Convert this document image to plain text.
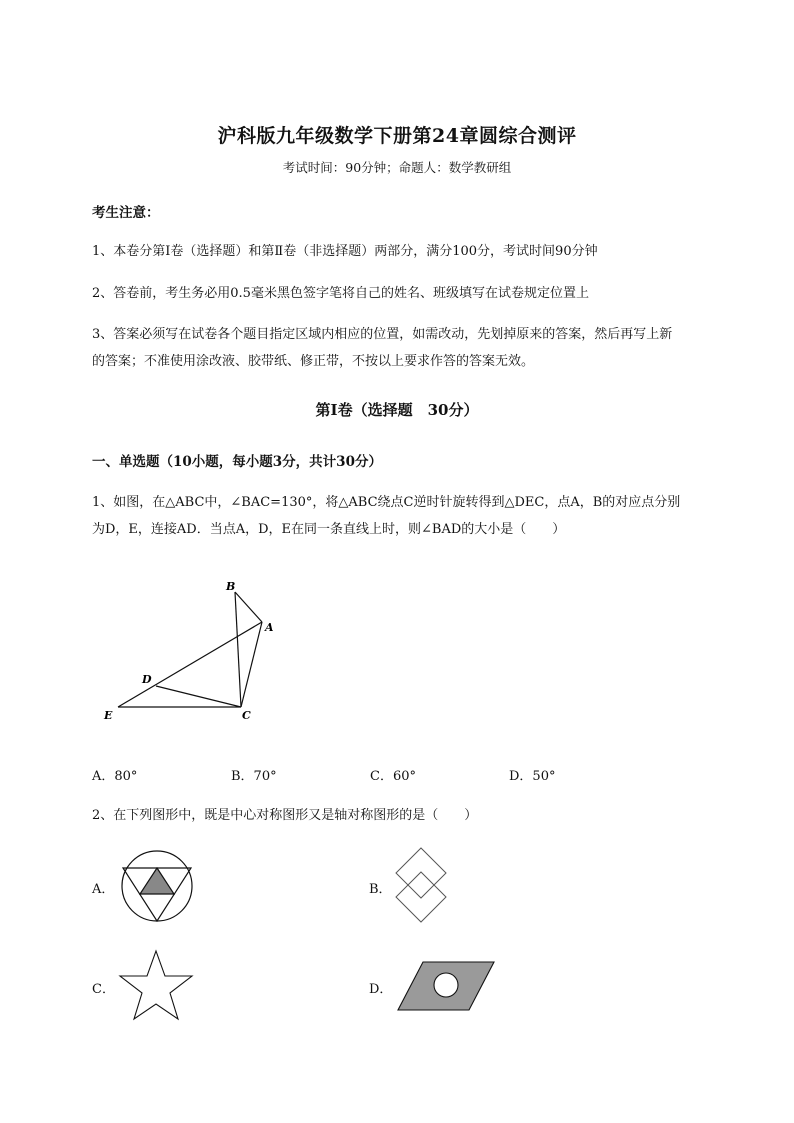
沪科版九年级数学下册第24章圆综合测评
考试时间：90分钟；命题人：数学教研组
考生注意：
1、本卷分第Ⅰ卷（选择题）和第Ⅱ卷（非选择题）两部分，满分100分，考试时间90分钟
2、答卷前，考生务必用0.5毫米黑色签字笔将自己的姓名、班级填写在试卷规定位置上
3、答案必须写在试卷各个题目指定区域内相应的位置，如需改动，先划掉原来的答案，然后再写上新
的答案；不准使用涂改液、胶带纸、修正带，不按以上要求作答的答案无效。
第Ⅰ卷（选择题　30分）
一、单选题（10小题，每小题3分，共计30分）
1、如图，在△ABC中，∠BAC=130°，将△ABC绕点C逆时针旋转得到△DEC，点A，B的对应点分别
为D，E，连接AD．当点A，D，E在同一条直线上时，则∠BAD的大小是（　　）
B
A
D
E	C
A．80°	B．70°	C．60°	D．50°
2、在下列图形中，既是中心对称图形又是轴对称图形的是（　　）
A．	B．
C．	D．
